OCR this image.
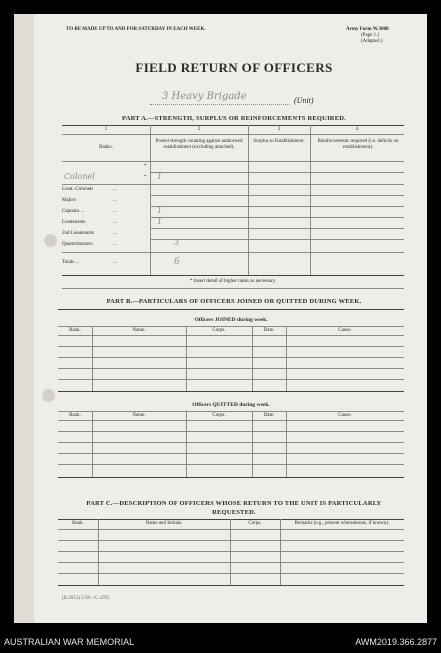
TO BE MADE UP TO AND FOR SATURDAY IN EACH WEEK.	Army Form W.3008
(Page 1.)
(Adapted.)
FIELD RETURN OF OFFICERS
3 Heavy Brigade	(Unit)
PART A.—STRENGTH, SURPLUS OR REINFORCEMENTS REQUIRED.
1	2	3	4
Ranks.
Posted strength counting against authorised establishment (excluding attached).
Surplus to Establishment.	Reinforcements required (i.e. deficits on establishment).
*
Colonel	* 1
Lieut.-Colonels	...
Majors	...
Captains ...	...	1
Lieutenants	...	1
2nd Lieutenants	...
Quartermasters	...	3
Totals ...	...	6
* Insert detail of higher ranks as necessary.
PART B.—PARTICULARS OF OFFICERS JOINED OR QUITTED DURING WEEK.
Officers JOINED during week.
Rank.	Name.	Corps.	Date.	Cause.
Officers QUITTED during week.
Rank.	Name.	Corps.	Date.	Cause.
PART C.—DESCRIPTION OF OFFICERS WHOSE RETURN TO THE UNIT IS PARTICULARLY
REQUESTED.
Rank.	Name and Initials.	Corps.	Remarks (e.g., present whereabouts, if known).
(B.2053) 5/39—C.4705
AUSTRALIAN WAR MEMORIAL	AWM2019.366.2877
